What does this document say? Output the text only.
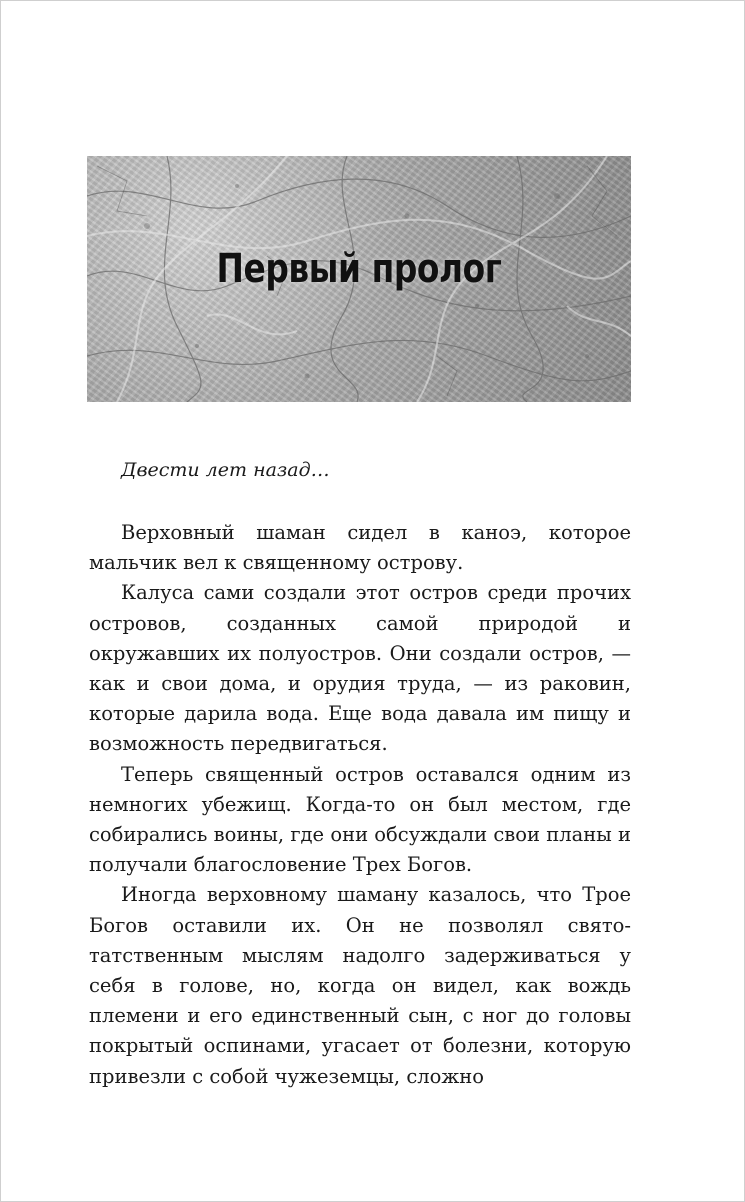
Первый пролог

Двести лет назад…

Верховный шаман сидел в каноэ, которое мальчик вел к священному острову.

Калуса сами создали этот остров среди прочих островов, созданных самой природой и окружавших их полуостров. Они создали остров, — как и свои дома, и орудия труда, — из раковин, которые дарила вода. Еще вода давала им пищу и возможность передвигаться.

Теперь священный остров оставался одним из немногих убежищ. Когда-то он был местом, где собирались воины, где они обсуждали свои планы и получали благословение Трех Богов.

Иногда верховному шаману казалось, что Трое Богов оставили их. Он не позволял святотатственным мыслям надолго задерживаться у себя в голове, но, когда он видел, как вождь племени и его единственный сын, с ног до головы покрытый оспинами, угасает от болезни, которую привезли с собой чужеземцы, сложно
